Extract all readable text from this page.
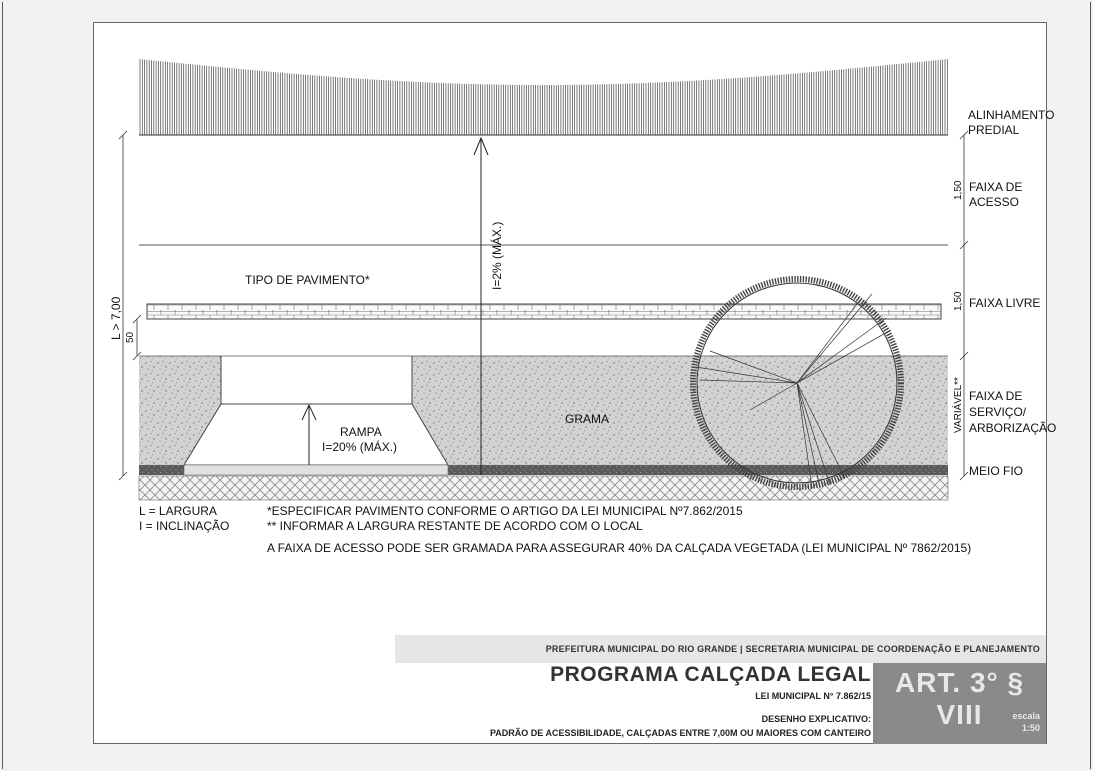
I=2% (MÁX.)
L > 7,00 50
1,50
1,50
VARIÁVEL**
ALINHAMENTO
PREDIAL
FAIXA DE
ACESSO
FAIXA LIVRE
FAIXA DE
SERVIÇO/
ARBORIZAÇÃO
MEIO FIO
TIPO DE PAVIMENTO*
RAMPA
I=20% (MÁX.)
GRAMA
L = LARGURA
I = INCLINAÇÃO
*ESPECIFICAR PAVIMENTO CONFORME O ARTIGO DA LEI MUNICIPAL Nº7.862/2015
** INFORMAR A LARGURA RESTANTE DE ACORDO COM O LOCAL
A FAIXA DE ACESSO PODE SER GRAMADA PARA ASSEGURAR 40% DA CALÇADA VEGETADA (LEI MUNICIPAL Nº 7862/2015)
PREFEITURA MUNICIPAL DO RIO GRANDE | SECRETARIA MUNICIPAL DE COORDENAÇÃO E PLANEJAMENTO
PROGRAMA CALÇADA LEGAL
LEI MUNICIPAL N° 7.862/15
DESENHO EXPLICATIVO:
PADRÃO DE ACESSIBILIDADE, CALÇADAS ENTRE 7,00M OU MAIORES COM CANTEIRO
ART. 3° § VIII	escala
1:50
